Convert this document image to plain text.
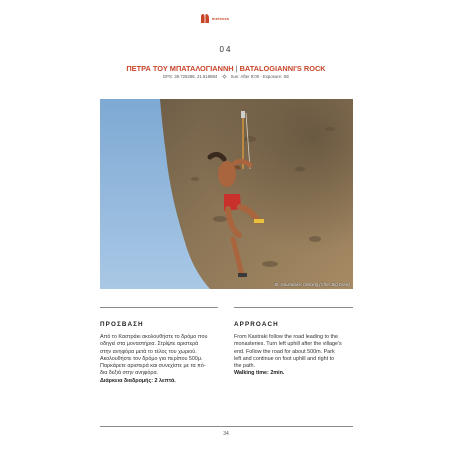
meteora
04
ΠΕΤΡΑ ΤΟΥ ΜΠΑΤΑΛΟΓΙΑΝΝΗ | BATALOGIANNI'S ROCK
GPS: 39.725288, 21.619884	Sun: After 9:00 - Exposure: SE
St. Gounalakis climbing (Chris Big Draw)
ΠΡΟΣΒΑΣΗ
Από το Καστράκι ακολουθήστε το δρόμο που
οδηγεί στα μοναστήρια. Στρίψτε αριστερά
στην ανηφόρα μετά το τέλος του χωριού.
Ακολουθήστε τον δρόμο για περίπου 500μ.
Παρκάρετε αριστερά και συνεχίστε με τα πό-
δια δεξιά στην ανηφόρα.
Διάρκεια διαδρομής: 2 λεπτά.
APPROACH
From Kastraki follow the road leading to the
monasteries. Turn left uphill after the village's
end. Follow the road for about 500m. Park
left and continue on foot uphill and right to
the path.
Walking time: 2min.
34
